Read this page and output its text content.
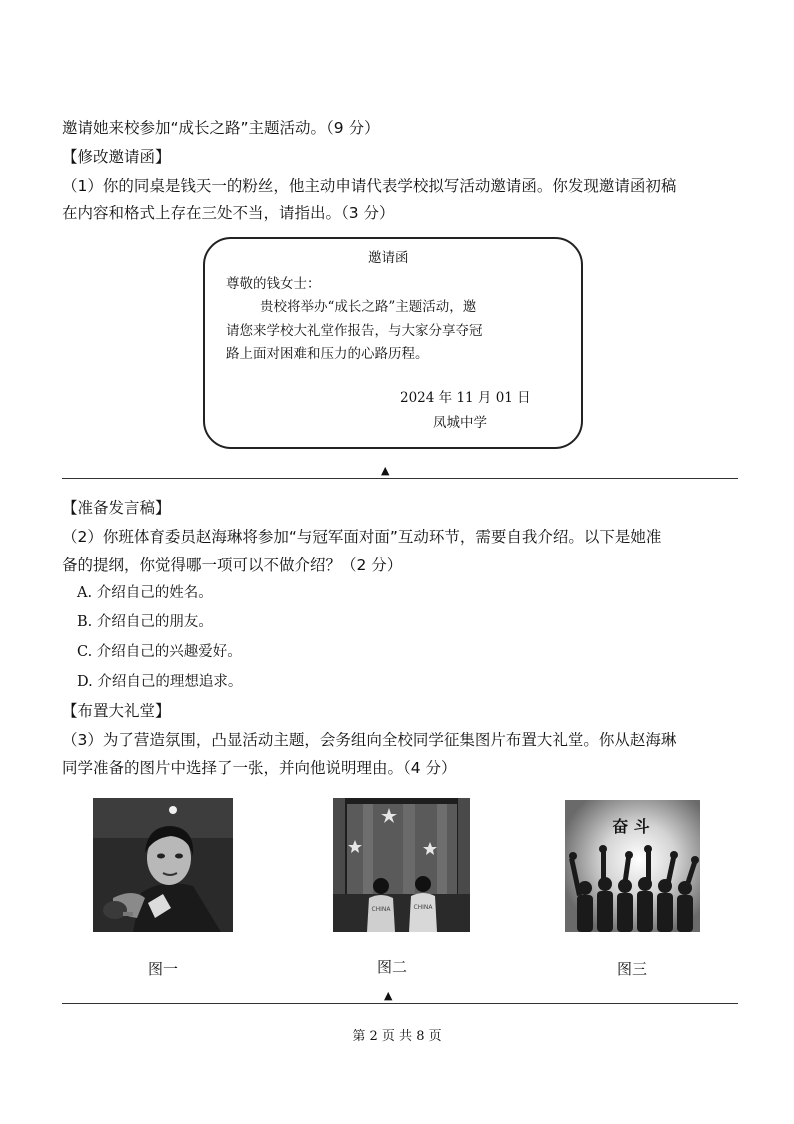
邀请她来校参加“成长之路”主题活动。（9 分）
【修改邀请函】
（1）你的同桌是钱天一的粉丝，他主动申请代表学校拟写活动邀请函。你发现邀请函初稿
在内容和格式上存在三处不当，请指出。（3 分）
邀请函
尊敬的钱女士：
贵校将举办“成长之路”主题活动，邀
请您来学校大礼堂作报告，与大家分享夺冠
路上面对困难和压力的心路历程。
2024 年 11 月 01 日
凤城中学
▲
【准备发言稿】
（2）你班体育委员赵海琳将参加“与冠军面对面”互动环节，需要自我介绍。以下是她准
备的提纲，你觉得哪一项可以不做介绍？（2 分）
A. 介绍自己的姓名。
B. 介绍自己的朋友。
C. 介绍自己的兴趣爱好。
D. 介绍自己的理想追求。
【布置大礼堂】
（3）为了营造氛围，凸显活动主题，会务组向全校同学征集图片布置大礼堂。你从赵海琳
同学准备的图片中选择了一张，并向他说明理由。（4 分）
图一
CHINA	CHINA
图二
奋 斗
图三
▲
第 2 页 共 8 页
